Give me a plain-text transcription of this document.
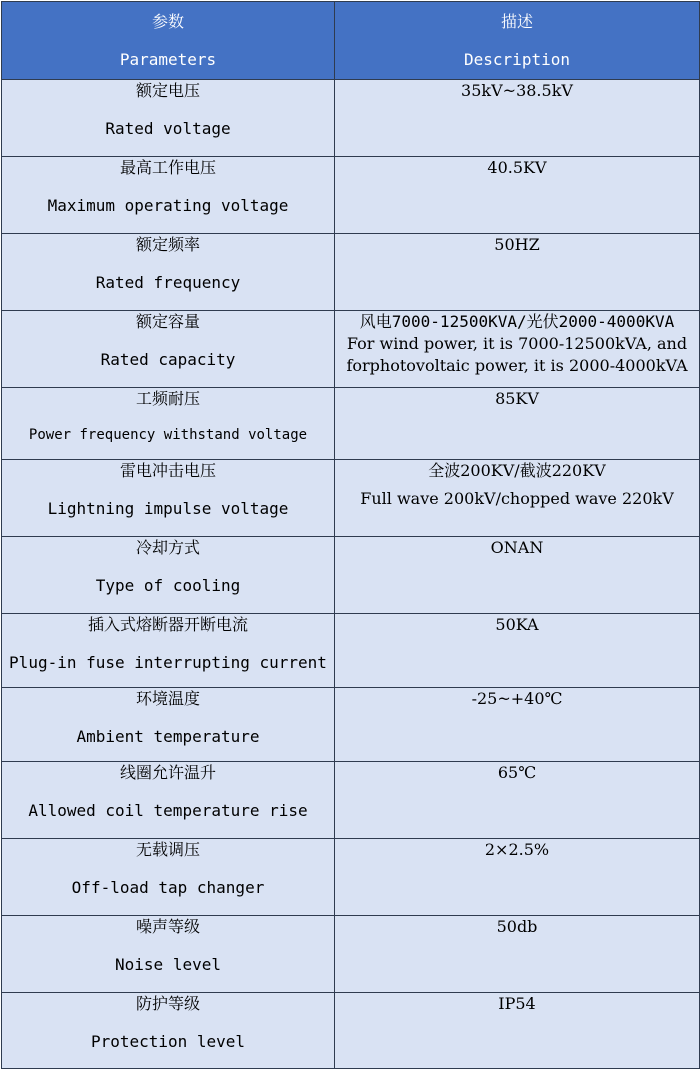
参数
Parameters	描述
Description

额定电压
Rated voltage	35kV~38.5kV

最高工作电压
Maximum operating voltage	40.5KV

额定频率
Rated frequency	50HZ

额定容量
Rated capacity	风电7000-12500KVA/光伏2000-4000KVA
For wind power, it is 7000-12500kVA, and
forphotovoltaic power, it is 2000-4000kVA

工频耐压
Power frequency withstand voltage	85KV

雷电冲击电压
Lightning impulse voltage	全波200KV/截波220KV
Full wave 200kV/chopped wave 220kV

冷却方式
Type of cooling	ONAN

插入式熔断器开断电流
Plug-in fuse interrupting current	50KA

环境温度
Ambient temperature	-25~+40℃

线圈允许温升
Allowed coil temperature rise	65℃

无载调压
Off-load tap changer	2×2.5%

噪声等级
Noise level	50db

防护等级
Protection level	IP54
